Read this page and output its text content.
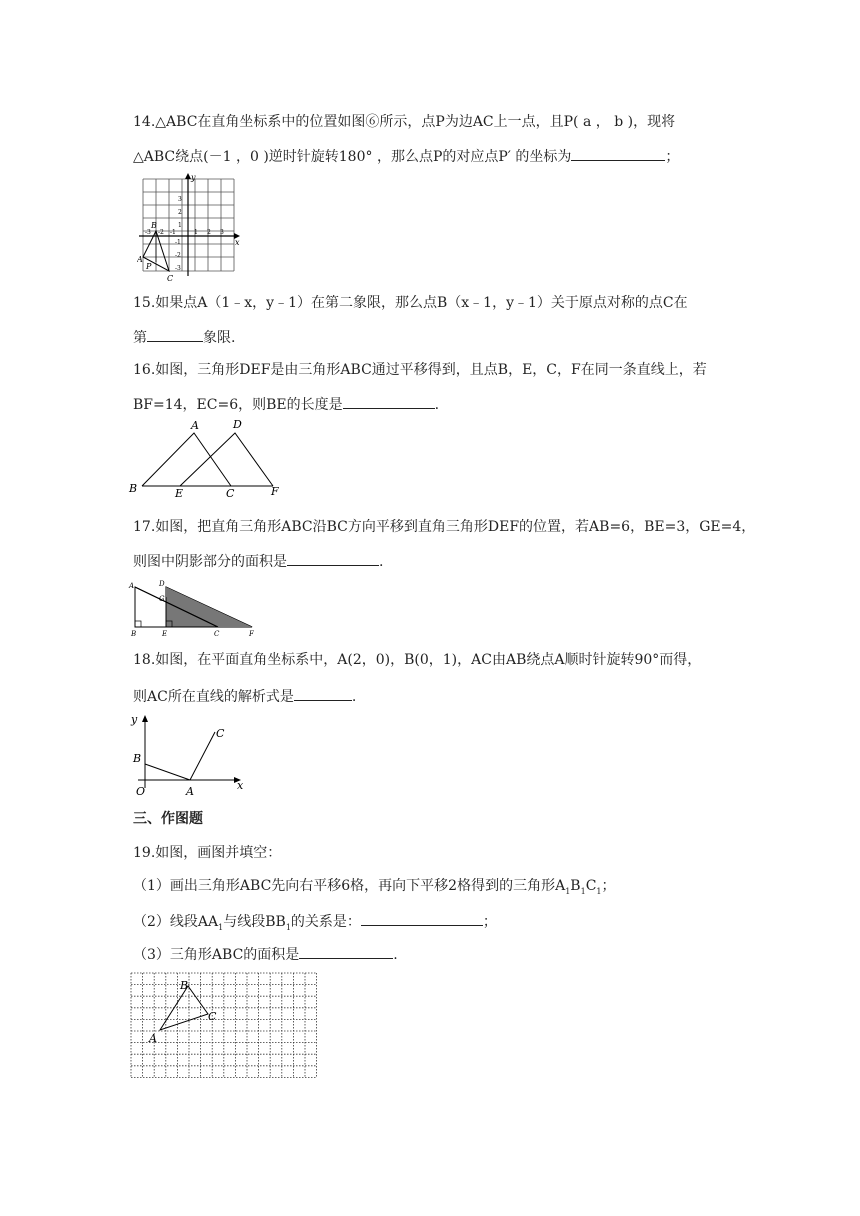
14.△ABC在直角坐标系中的位置如图⑥所示，点P为边AC上一点，且P( a ， b )，现将
△ABC绕点(－1 ，0 )逆时针旋转180° ，那么点P的对应点P′ 的坐标为	；
x
y
3
2
1
-1
-2
-3
-3 -2 -1	1 2 3
B
A
C
P
15.如果点A（1﹣x，y﹣1）在第二象限，那么点B（x﹣1，y﹣1）关于原点对称的点C在
第	象限.
16.如图，三角形DEF是由三角形ABC通过平移得到，且点B，E，C，F在同一条直线上，若
BF=14，EC=6，则BE的长度是	.
A	D
B	E	C	F
17.如图，把直角三角形ABC沿BC方向平移到直角三角形DEF的位置，若AB=6，BE=3，GE=4，
则图中阴影部分的面积是	.
A	D
G
B	E	C	F
18.如图，在平面直角坐标系中，A(2，0)，B(0，1)，AC由AB绕点A顺时针旋转90°而得，
则AC所在直线的解析式是	.
y
B
C
O	A	x
三、作图题
19.如图，画图并填空：
（1）画出三角形ABC先向右平移6格，再向下平移2格得到的三角形$A_1B_1C_1$；
（2）线段$AA_1$与线段$BB_1$的关系是：	；
（3）三角形ABC的面积是	.
B
C
A
